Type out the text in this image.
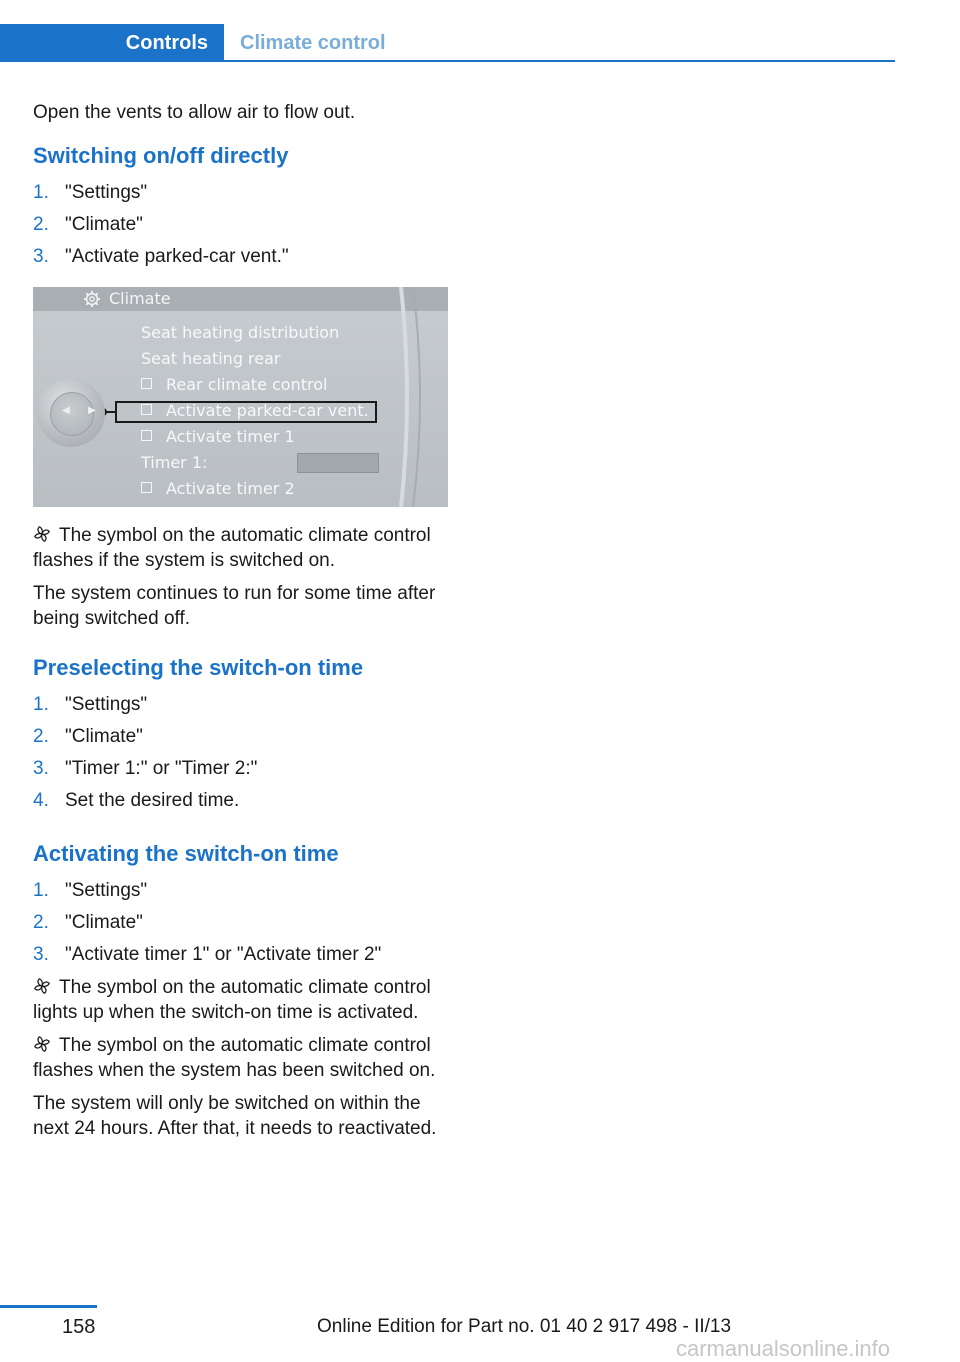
Controls Climate control

Open the vents to allow air to flow out.

Switching on/off directly
1. "Settings"
2. "Climate"
3. "Activate parked-car vent."
Climate
Seat heating distribution
Seat heating rear
Rear climate control
Activate parked-car vent.
Activate timer 1
Timer 1:
Activate timer 2
◀ ▶

The symbol on the automatic climate control flashes if the system is switched on.

The system continues to run for some time after being switched off.

Preselecting the switch-on time
1. "Settings"
2. "Climate"
3. "Timer 1:" or "Timer 2:"
4. Set the desired time.
Activating the switch-on time
1. "Settings"
2. "Climate"
3. "Activate timer 1" or "Activate timer 2"

The symbol on the automatic climate control lights up when the switch-on time is activated.

The symbol on the automatic climate control flashes when the system has been switched on.

The system will only be switched on within the next 24 hours. After that, it needs to reactivated.

158	Online Edition for Part no. 01 40 2 917 498 - II/13
carmanualsonline.info
